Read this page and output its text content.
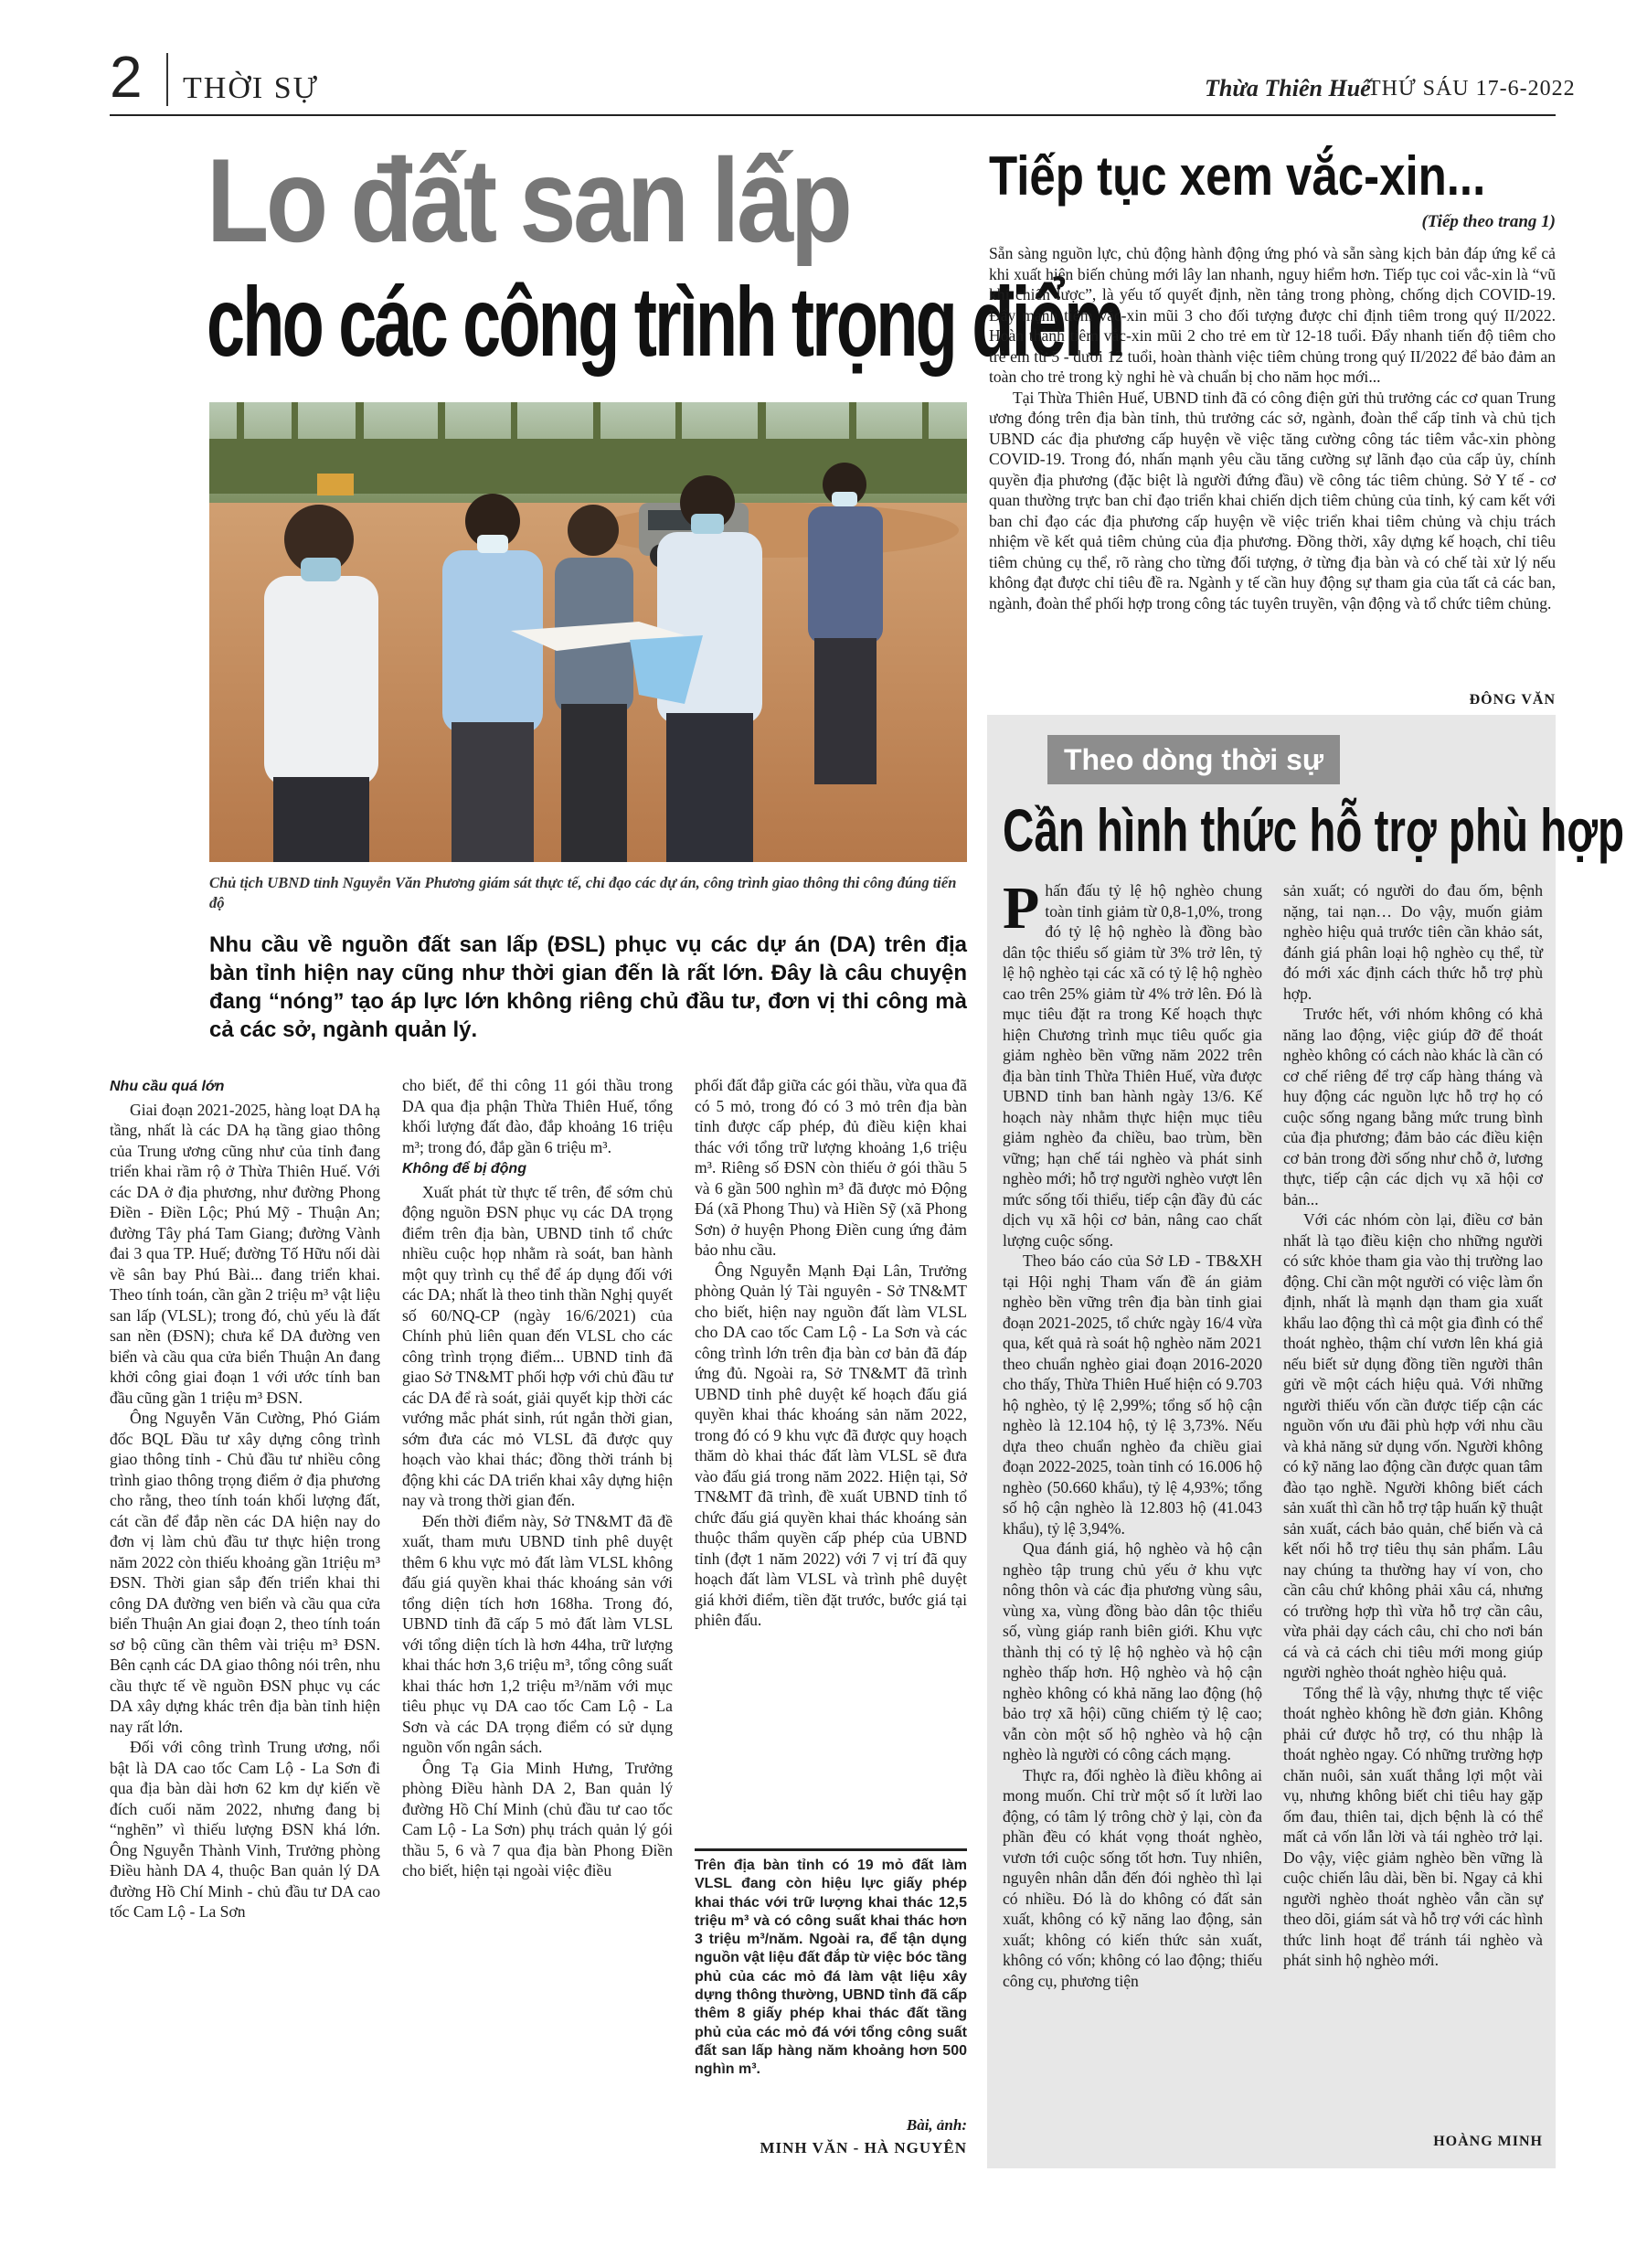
2 THỜI SỰ	Thừa Thiên Huế
THỨ SÁU 17-6-2022
Lo đất san lấp
cho các công trình trọng điểm
Chủ tịch UBND tỉnh Nguyễn Văn Phương giám sát thực tế, chỉ đạo các dự án, công trình giao thông thi công đúng tiến độ
Nhu cầu về nguồn đất san lấp (ĐSL) phục vụ các dự án (DA) trên địa bàn tỉnh hiện nay cũng như thời gian đến là rất lớn. Đây là câu chuyện đang “nóng” tạo áp lực lớn không riêng chủ đầu tư, đơn vị thi công mà cả các sở, ngành quản lý.

Nhu cầu quá lớn

Giai đoạn 2021-2025, hàng loạt DA hạ tầng, nhất là các DA hạ tầng giao thông của Trung ương cũng như của tỉnh đang triển khai rầm rộ ở Thừa Thiên Huế. Với các DA ở địa phương, như đường Phong Điền - Điền Lộc; Phú Mỹ - Thuận An; đường Tây phá Tam Giang; đường Vành đai 3 qua TP. Huế; đường Tố Hữu nối dài về sân bay Phú Bài... đang triển khai. Theo tính toán, cần gần 2 triệu m³ vật liệu san lấp (VLSL); trong đó, chủ yếu là đất san nền (ĐSN); chưa kể DA đường ven biển và cầu qua cửa biển Thuận An đang khởi công giai đoạn 1 với ước tính ban đầu cũng gần 1 triệu m³ ĐSN.

Ông Nguyễn Văn Cường, Phó Giám đốc BQL Đầu tư xây dựng công trình giao thông tỉnh - Chủ đầu tư nhiều công trình giao thông trọng điểm ở địa phương cho rằng, theo tính toán khối lượng đất, cát cần để đắp nền các DA hiện nay do đơn vị làm chủ đầu tư thực hiện trong năm 2022 còn thiếu khoảng gần 1triệu m³ ĐSN. Thời gian sắp đến triển khai thi công DA đường ven biển và cầu qua cửa biển Thuận An giai đoạn 2, theo tính toán sơ bộ cũng cần thêm vài triệu m³ ĐSN. Bên cạnh các DA giao thông nói trên, nhu cầu thực tế về nguồn ĐSN phục vụ các DA xây dựng khác trên địa bàn tỉnh hiện nay rất lớn.

Đối với công trình Trung ương, nổi bật là DA cao tốc Cam Lộ - La Sơn đi qua địa bàn dài hơn 62 km dự kiến về đích cuối năm 2022, nhưng đang bị “nghẽn” vì thiếu lượng ĐSN khá lớn. Ông Nguyễn Thành Vinh, Trưởng phòng Điều hành DA 4, thuộc Ban quản lý DA đường Hồ Chí Minh - chủ đầu tư DA cao tốc Cam Lộ - La Sơn

cho biết, để thi công 11 gói thầu trong DA qua địa phận Thừa Thiên Huế, tổng khối lượng đất đào, đắp khoảng 16 triệu m³; trong đó, đắp gần 6 triệu m³.

Không để bị động

Xuất phát từ thực tế trên, để sớm chủ động nguồn ĐSN phục vụ các DA trọng điểm trên địa bàn, UBND tỉnh tổ chức nhiều cuộc họp nhằm rà soát, ban hành một quy trình cụ thể để áp dụng đối với các DA; nhất là theo tinh thần Nghị quyết số 60/NQ-CP (ngày 16/6/2021) của Chính phủ liên quan đến VLSL cho các công trình trọng điểm... UBND tỉnh đã giao Sở TN&MT phối hợp với chủ đầu tư các DA để rà soát, giải quyết kịp thời các vướng mắc phát sinh, rút ngắn thời gian, sớm đưa các mỏ VLSL đã được quy hoạch vào khai thác; đồng thời tránh bị động khi các DA triển khai xây dựng hiện nay và trong thời gian đến.

Đến thời điểm này, Sở TN&MT đã đề xuất, tham mưu UBND tỉnh phê duyệt thêm 6 khu vực mỏ đất làm VLSL không đấu giá quyền khai thác khoáng sản với tổng diện tích hơn 168ha. Trong đó, UBND tỉnh đã cấp 5 mỏ đất làm VLSL với tổng diện tích là hơn 44ha, trữ lượng khai thác hơn 3,6 triệu m³, tổng công suất khai thác hơn 1,2 triệu m³/năm với mục tiêu phục vụ DA cao tốc Cam Lộ - La Sơn và các DA trọng điểm có sử dụng nguồn vốn ngân sách.

Ông Tạ Gia Minh Hưng, Trưởng phòng Điều hành DA 2, Ban quản lý đường Hồ Chí Minh (chủ đầu tư cao tốc Cam Lộ - La Sơn) phụ trách quản lý gói thầu 5, 6 và 7 qua địa bàn Phong Điền cho biết, hiện tại ngoài việc điều

phối đất đắp giữa các gói thầu, vừa qua đã có 5 mỏ, trong đó có 3 mỏ trên địa bàn tỉnh được cấp phép, đủ điều kiện khai thác với tổng trữ lượng khoảng 1,6 triệu m³. Riêng số ĐSN còn thiếu ở gói thầu 5 và 6 gần 500 nghìn m³ đã được mỏ Động Đá (xã Phong Thu) và Hiền Sỹ (xã Phong Sơn) ở huyện Phong Điền cung ứng đảm bảo nhu cầu.

Ông Nguyễn Mạnh Đại Lân, Trưởng phòng Quản lý Tài nguyên - Sở TN&MT cho biết, hiện nay nguồn đất làm VLSL cho DA cao tốc Cam Lộ - La Sơn và các công trình lớn trên địa bàn cơ bản đã đáp ứng đủ. Ngoài ra, Sở TN&MT đã trình UBND tỉnh phê duyệt kế hoạch đấu giá quyền khai thác khoáng sản năm 2022, trong đó có 9 khu vực đã được quy hoạch thăm dò khai thác đất làm VLSL sẽ đưa vào đấu giá trong năm 2022. Hiện tại, Sở TN&MT đã trình, đề xuất UBND tỉnh tổ chức đấu giá quyền khai thác khoáng sản thuộc thẩm quyền cấp phép của UBND tỉnh (đợt 1 năm 2022) với 7 vị trí đã quy hoạch đất làm VLSL và trình phê duyệt giá khởi điểm, tiền đặt trước, bước giá tại phiên đấu.

Trên địa bàn tỉnh có 19 mỏ đất làm VLSL đang còn hiệu lực giấy phép khai thác với trữ lượng khai thác 12,5 triệu m³ và có công suất khai thác hơn 3 triệu m³/năm. Ngoài ra, để tận dụng nguồn vật liệu đất đắp từ việc bóc tầng phủ của các mỏ đá làm vật liệu xây dựng thông thường, UBND tỉnh đã cấp thêm 8 giấy phép khai thác đất tầng phủ của các mỏ đá với tổng công suất đất san lấp hàng năm khoảng hơn 500 nghìn m³.
Bài, ảnh:
MINH VĂN - HÀ NGUYÊN
Tiếp tục xem vắc-xin...
(Tiếp theo trang 1)

Sẵn sàng nguồn lực, chủ động hành động ứng phó và sẵn sàng kịch bản đáp ứng kể cả khi xuất hiện biến chủng mới lây lan nhanh, nguy hiểm hơn. Tiếp tục coi vắc-xin là “vũ khí chiến lược”, là yếu tố quyết định, nền tảng trong phòng, chống dịch COVID-19. Đẩy mạnh tiêm vắc-xin mũi 3 cho đối tượng được chỉ định tiêm trong quý II/2022. Hoàn thành tiêm vắc-xin mũi 2 cho trẻ em từ 12-18 tuổi. Đẩy nhanh tiến độ tiêm cho trẻ em từ 5 - dưới 12 tuổi, hoàn thành việc tiêm chủng trong quý II/2022 để bảo đảm an toàn cho trẻ trong kỳ nghỉ hè và chuẩn bị cho năm học mới...

Tại Thừa Thiên Huế, UBND tỉnh đã có công điện gửi thủ trưởng các cơ quan Trung ương đóng trên địa bàn tỉnh, thủ trưởng các sở, ngành, đoàn thể cấp tỉnh và chủ tịch UBND các địa phương cấp huyện về việc tăng cường công tác tiêm vắc-xin phòng COVID-19. Trong đó, nhấn mạnh yêu cầu tăng cường sự lãnh đạo của cấp ủy, chính quyền địa phương (đặc biệt là người đứng đầu) về công tác tiêm chủng. Sở Y tế - cơ quan thường trực ban chỉ đạo triển khai chiến dịch tiêm chủng của tỉnh, ký cam kết với ban chỉ đạo các địa phương cấp huyện về việc triển khai tiêm chủng và chịu trách nhiệm về kết quả tiêm chủng của địa phương. Đồng thời, xây dựng kế hoạch, chỉ tiêu tiêm chủng cụ thể, rõ ràng cho từng đối tượng, ở từng địa bàn và có chế tài xử lý nếu không đạt được chỉ tiêu đề ra. Ngành y tế cần huy động sự tham gia của tất cả các ban, ngành, đoàn thể phối hợp trong công tác tuyên truyền, vận động và tổ chức tiêm chủng.

ĐÔNG VĂN
Theo dòng thời sự
Cần hình thức hỗ trợ phù hợp

Phấn đấu tỷ lệ hộ nghèo chung toàn tỉnh giảm từ 0,8-1,0%, trong đó tỷ lệ hộ nghèo là đồng bào dân tộc thiểu số giảm từ 3% trở lên, tỷ lệ hộ nghèo tại các xã có tỷ lệ hộ nghèo cao trên 25% giảm từ 4% trở lên. Đó là mục tiêu đặt ra trong Kế hoạch thực hiện Chương trình mục tiêu quốc gia giảm nghèo bền vững năm 2022 trên địa bàn tỉnh Thừa Thiên Huế, vừa được UBND tỉnh ban hành ngày 13/6. Kế hoạch này nhằm thực hiện mục tiêu giảm nghèo đa chiều, bao trùm, bền vững; hạn chế tái nghèo và phát sinh nghèo mới; hỗ trợ người nghèo vượt lên mức sống tối thiểu, tiếp cận đầy đủ các dịch vụ xã hội cơ bản, nâng cao chất lượng cuộc sống.

Theo báo cáo của Sở LĐ - TB&XH tại Hội nghị Tham vấn đề án giảm nghèo bền vững trên địa bàn tỉnh giai đoạn 2021-2025, tổ chức ngày 16/4 vừa qua, kết quả rà soát hộ nghèo năm 2021 theo chuẩn nghèo giai đoạn 2016-2020 cho thấy, Thừa Thiên Huế hiện có 9.703 hộ nghèo, tỷ lệ 2,99%; tổng số hộ cận nghèo là 12.104 hộ, tỷ lệ 3,73%. Nếu dựa theo chuẩn nghèo đa chiều giai đoạn 2022-2025, toàn tỉnh có 16.006 hộ nghèo (50.660 khẩu), tỷ lệ 4,93%; tổng số hộ cận nghèo là 12.803 hộ (41.043 khẩu), tỷ lệ 3,94%.

Qua đánh giá, hộ nghèo và hộ cận nghèo tập trung chủ yếu ở khu vực nông thôn và các địa phương vùng sâu, vùng xa, vùng đồng bào dân tộc thiểu số, vùng giáp ranh biên giới. Khu vực thành thị có tỷ lệ hộ nghèo và hộ cận nghèo thấp hơn. Hộ nghèo và hộ cận nghèo không có khả năng lao động (hộ bảo trợ xã hội) cũng chiếm tỷ lệ cao; vẫn còn một số hộ nghèo và hộ cận nghèo là người có công cách mạng.

Thực ra, đối nghèo là điều không ai mong muốn. Chỉ trừ một số ít lười lao động, có tâm lý trông chờ ỷ lại, còn đa phần đều có khát vọng thoát nghèo, vươn tới cuộc sống tốt hơn. Tuy nhiên, nguyên nhân dẫn đến đói nghèo thì lại có nhiều. Đó là do không có đất sản xuất, không có kỹ năng lao động, sản xuất; không có kiến thức sản xuất, không có vốn; không có lao động; thiếu công cụ, phương tiện

sản xuất; có người do đau ốm, bệnh nặng, tai nạn… Do vậy, muốn giảm nghèo hiệu quả trước tiên cần khảo sát, đánh giá phân loại hộ nghèo cụ thể, từ đó mới xác định cách thức hỗ trợ phù hợp.

Trước hết, với nhóm không có khả năng lao động, việc giúp đỡ để thoát nghèo không có cách nào khác là cần có cơ chế riêng để trợ cấp hàng tháng và huy động các nguồn lực hỗ trợ họ có cuộc sống ngang bằng mức trung bình của địa phương; đảm bảo các điều kiện cơ bản trong đời sống như chỗ ở, lương thực, tiếp cận các dịch vụ xã hội cơ bản...

Với các nhóm còn lại, điều cơ bản nhất là tạo điều kiện cho những người có sức khỏe tham gia vào thị trường lao động. Chỉ cần một người có việc làm ổn định, nhất là mạnh dạn tham gia xuất khẩu lao động thì cả một gia đình có thể thoát nghèo, thậm chí vươn lên khá giả nếu biết sử dụng đồng tiền người thân gửi về một cách hiệu quả. Với những người thiếu vốn cần được tiếp cận các nguồn vốn ưu đãi phù hợp với nhu cầu và khả năng sử dụng vốn. Người không có kỹ năng lao động cần được quan tâm đào tạo nghề. Người không biết cách sản xuất thì cần hỗ trợ tập huấn kỹ thuật sản xuất, cách bảo quản, chế biến và cả kết nối hỗ trợ tiêu thụ sản phẩm. Lâu nay chúng ta thường hay ví von, cho cần câu chứ không phải xâu cá, nhưng có trường hợp thì vừa hỗ trợ cần câu, vừa phải dạy cách câu, chỉ cho nơi bán cá và cả cách chi tiêu mới mong giúp người nghèo thoát nghèo hiệu quả.

Tổng thể là vậy, nhưng thực tế việc thoát nghèo không hề đơn giản. Không phải cứ được hỗ trợ, có thu nhập là thoát nghèo ngay. Có những trường hợp chăn nuôi, sản xuất thắng lợi một vài vụ, nhưng không biết chi tiêu hay gặp ốm đau, thiên tai, dịch bệnh là có thể mất cả vốn lẫn lời và tái nghèo trở lại. Do vậy, việc giảm nghèo bền vững là cuộc chiến lâu dài, bền bỉ. Ngay cả khi người nghèo thoát nghèo vẫn cần sự theo dõi, giám sát và hỗ trợ với các hình thức linh hoạt để tránh tái nghèo và phát sinh hộ nghèo mới.

HOÀNG MINH
